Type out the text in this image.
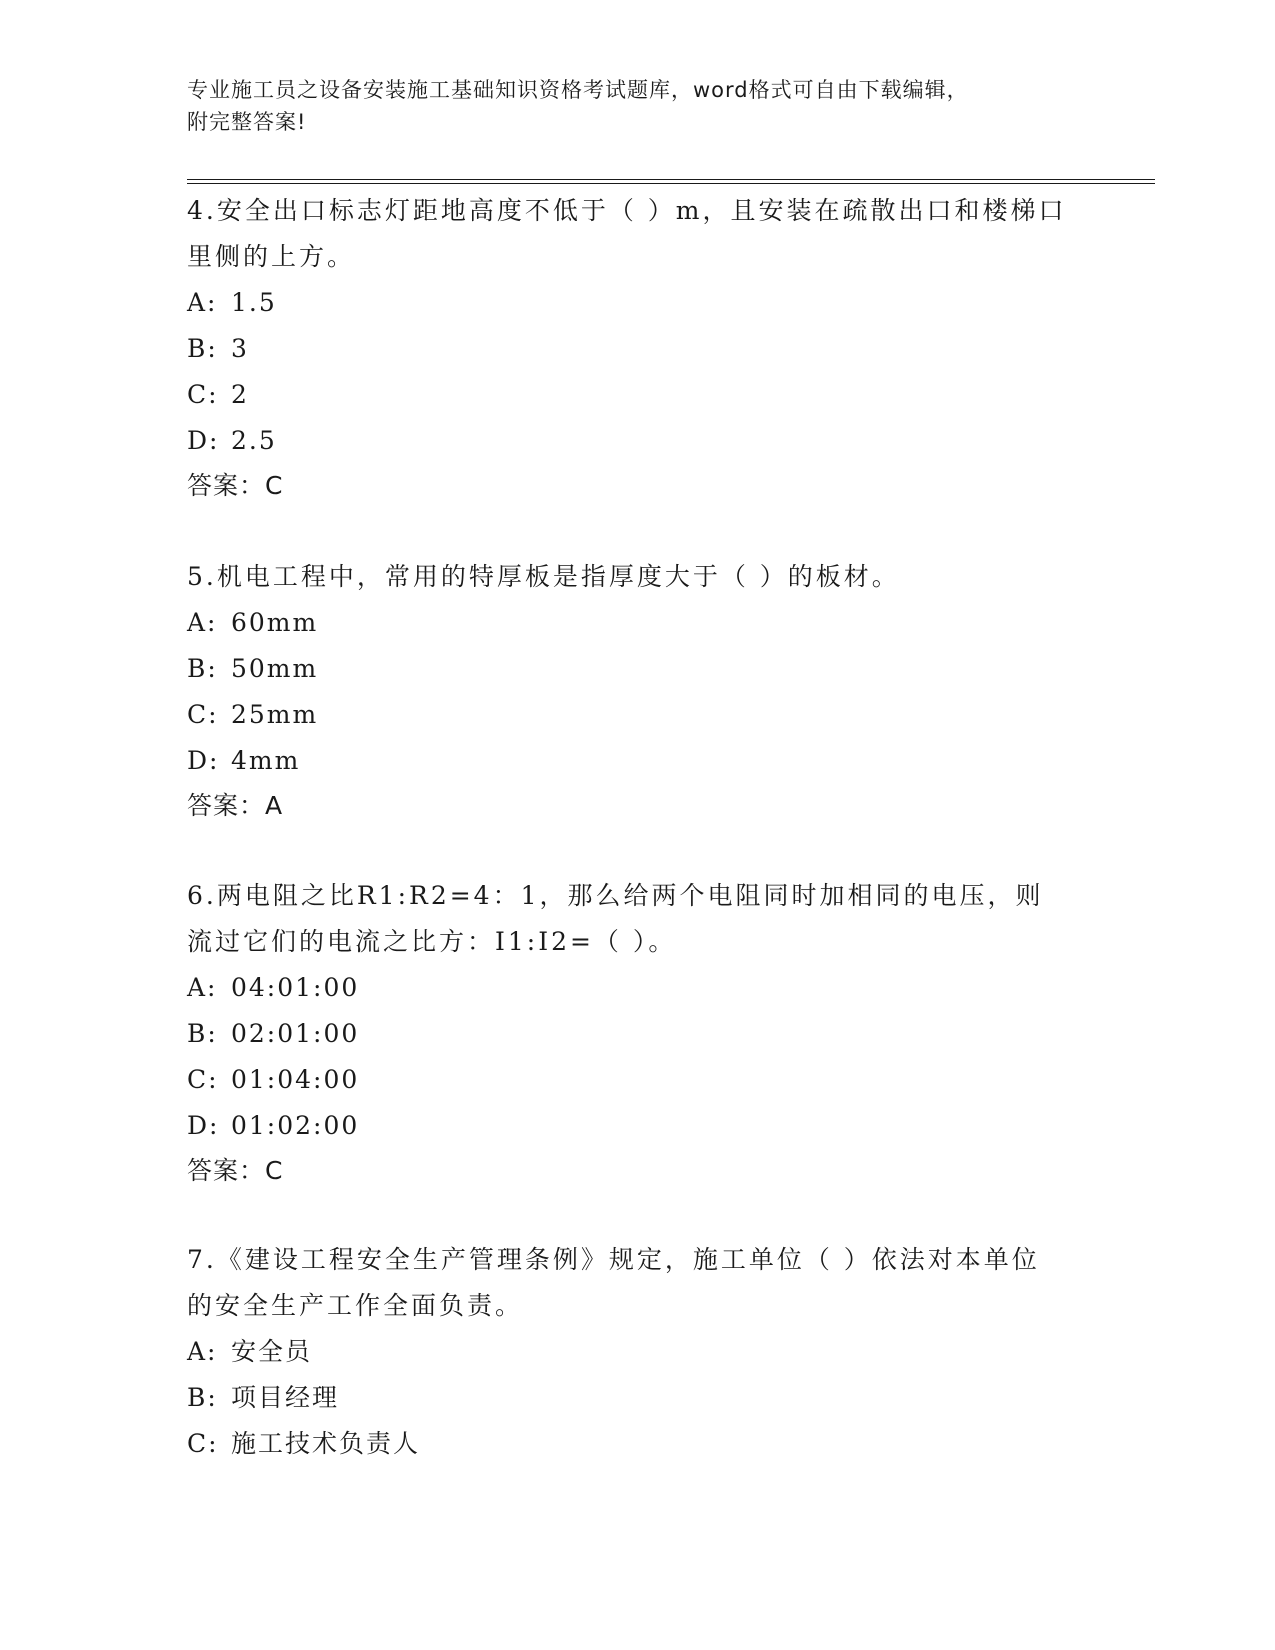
专业施工员之设备安装施工基础知识资格考试题库，word格式可自由下载编辑，
附完整答案!

4.安全出口标志灯距地高度不低于（ ）m，且安装在疏散出口和楼梯口里侧的上方。

A: 1.5

B: 3

C: 2

D: 2.5

答案：C

5.机电工程中，常用的特厚板是指厚度大于（ ）的板材。

A: 60mm

B: 50mm

C: 25mm

D: 4mm

答案：A

6.两电阻之比R1:R2=4：1，那么给两个电阻同时加相同的电压，则流过它们的电流之比方：I1:I2=（ ）。

A: 04:01:00

B: 02:01:00

C: 01:04:00

D: 01:02:00

答案：C

7.《建设工程安全生产管理条例》规定，施工单位（ ）依法对本单位的安全生产工作全面负责。

A: 安全员

B: 项目经理

C: 施工技术负责人
